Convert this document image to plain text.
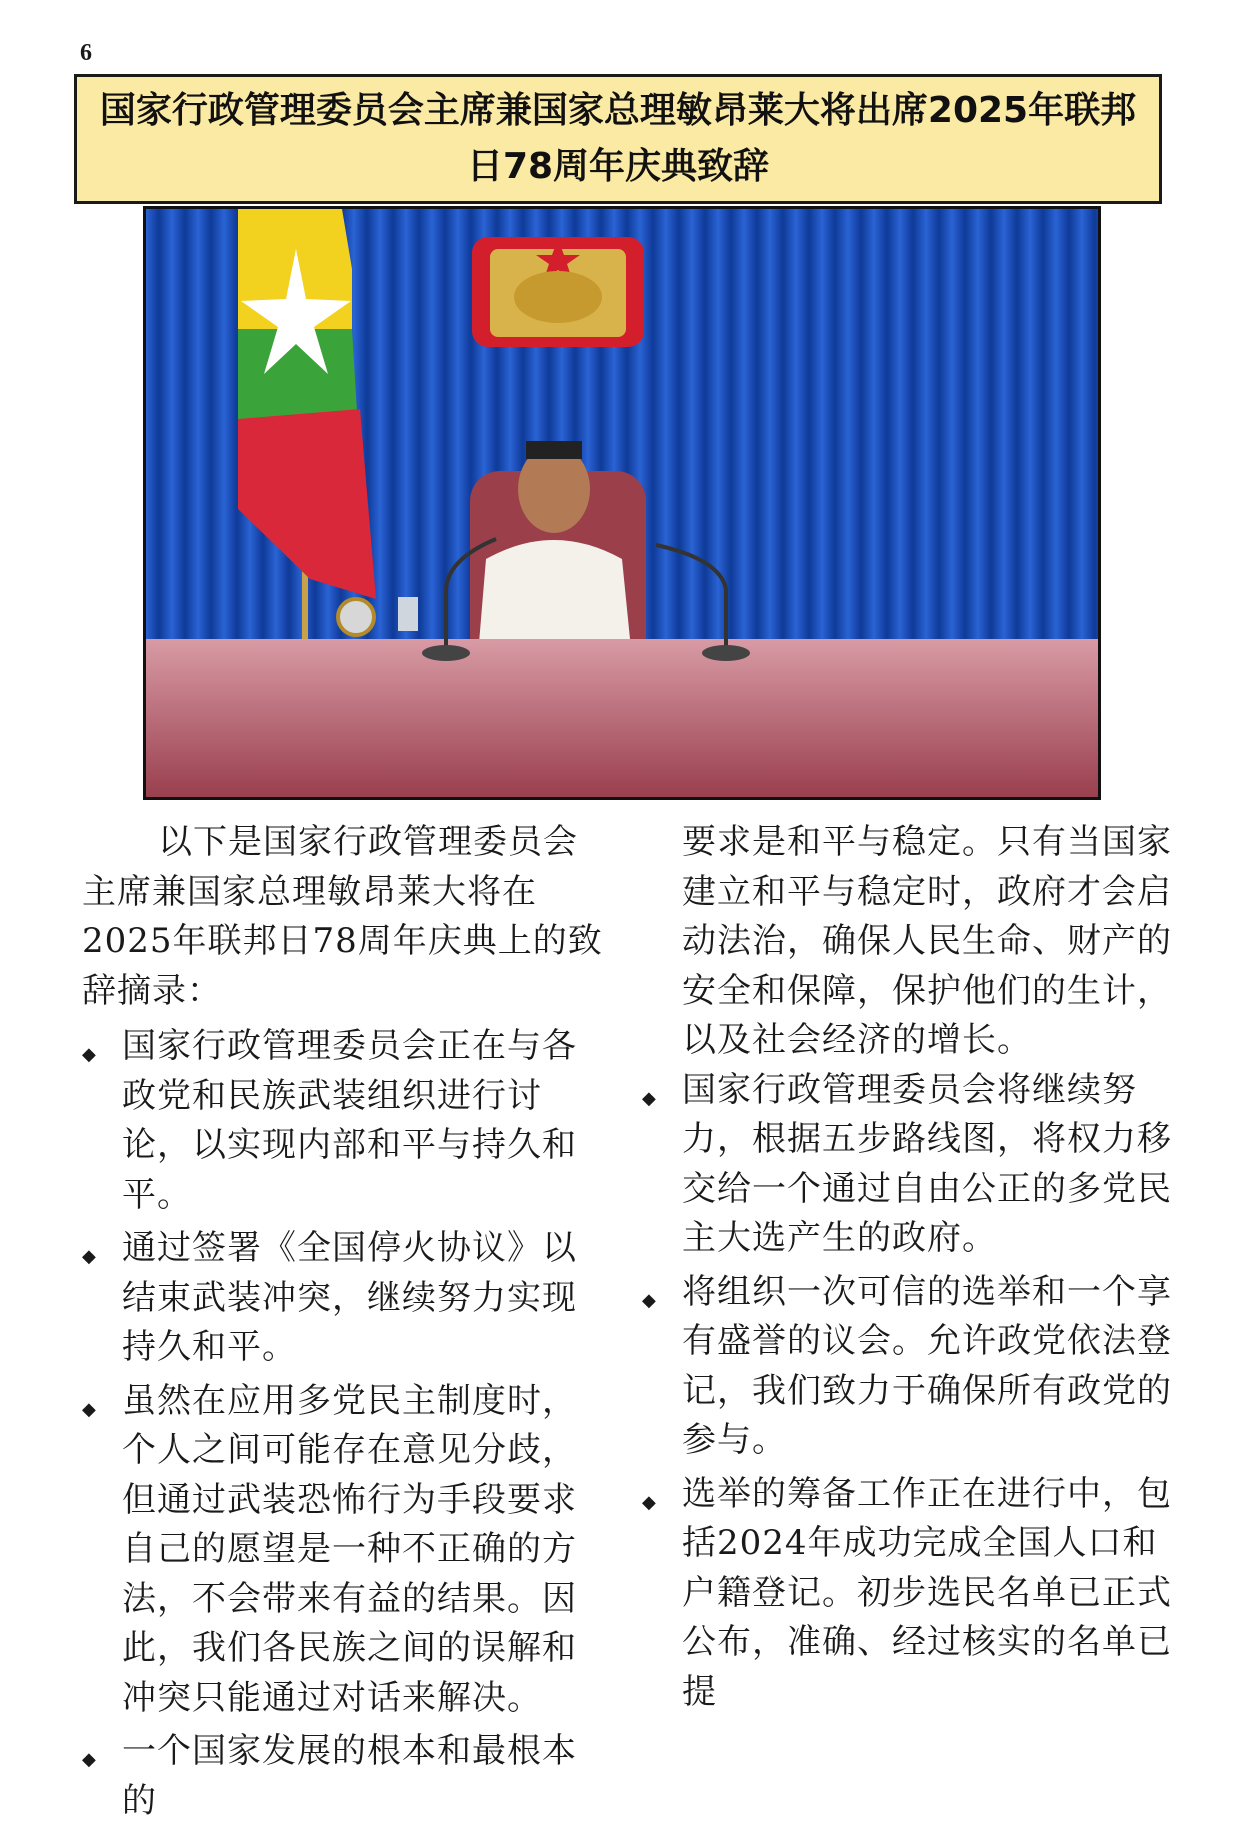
6
国家行政管理委员会主席兼国家总理敏昂莱大将出席2025年联邦日78周年庆典致辞

以下是国家行政管理委员会主席兼国家总理敏昂莱大将在2025年联邦日78周年庆典上的致辞摘录：

◆ 国家行政管理委员会正在与各政党和民族武装组织进行讨论，以实现内部和平与持久和平。
◆ 通过签署《全国停火协议》以结束武装冲突，继续努力实现持久和平。
◆ 虽然在应用多党民主制度时，个人之间可能存在意见分歧，但通过武装恐怖行为手段要求自己的愿望是一种不正确的方法，不会带来有益的结果。因此，我们各民族之间的误解和冲突只能通过对话来解决。
◆ 一个国家发展的根本和最根本的

要求是和平与稳定。只有当国家建立和平与稳定时，政府才会启动法治，确保人民生命、财产的安全和保障，保护他们的生计，以及社会经济的增长。

◆ 国家行政管理委员会将继续努力，根据五步路线图，将权力移交给一个通过自由公正的多党民主大选产生的政府。
◆ 将组织一次可信的选举和一个享有盛誉的议会。允许政党依法登记，我们致力于确保所有政党的参与。
◆ 选举的筹备工作正在进行中，包括2024年成功完成全国人口和户籍登记。初步选民名单已正式公布，准确、经过核实的名单已提
